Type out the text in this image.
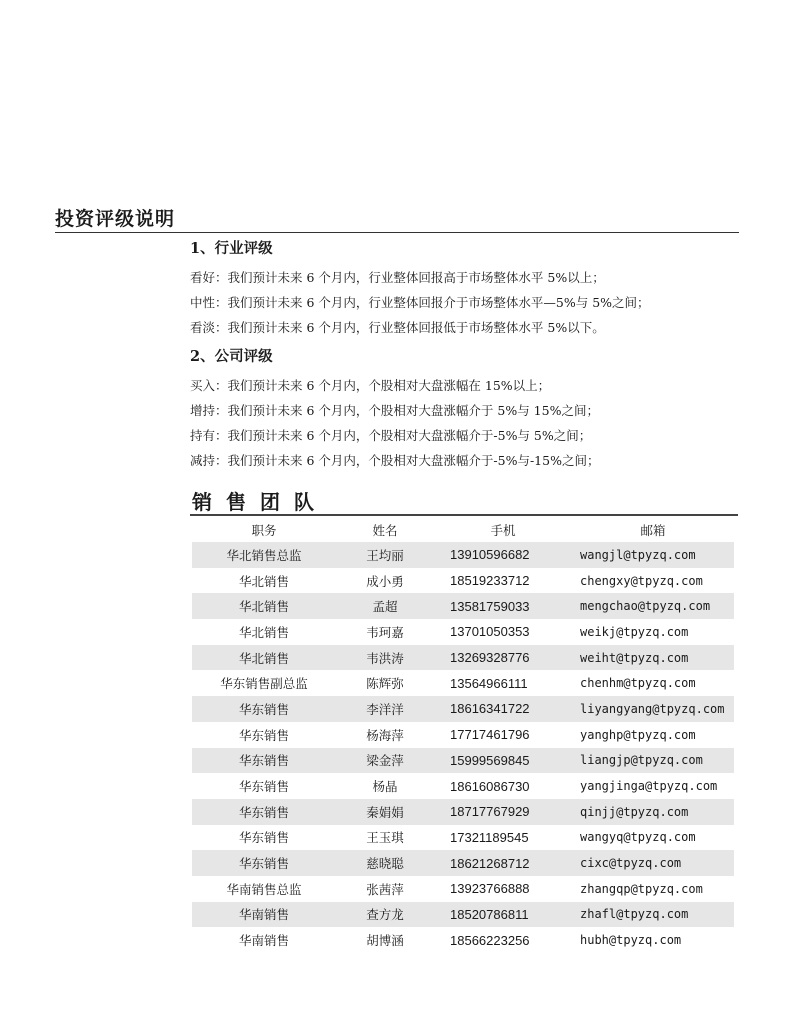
投资评级说明
1、行业评级
看好：我们预计未来 6 个月内，行业整体回报高于市场整体水平 5%以上；
中性：我们预计未来 6 个月内，行业整体回报介于市场整体水平—5%与 5%之间；
看淡：我们预计未来 6 个月内，行业整体回报低于市场整体水平 5%以下。
2、公司评级
买入：我们预计未来 6 个月内，个股相对大盘涨幅在 15%以上；
增持：我们预计未来 6 个月内，个股相对大盘涨幅介于 5%与 15%之间；
持有：我们预计未来 6 个月内，个股相对大盘涨幅介于-5%与 5%之间；
减持：我们预计未来 6 个月内，个股相对大盘涨幅介于-5%与-15%之间；
销售团队
职务	姓名	手机	邮箱
华北销售总监	王均丽	13910596682	wangjl@tpyzq.com
华北销售	成小勇	18519233712	chengxy@tpyzq.com
华北销售	孟超	13581759033	mengchao@tpyzq.com
华北销售	韦珂嘉	13701050353	weikj@tpyzq.com
华北销售	韦洪涛	13269328776	weiht@tpyzq.com
华东销售副总监	陈辉弥	13564966111	chenhm@tpyzq.com
华东销售	李洋洋	18616341722	liyangyang@tpyzq.com
华东销售	杨海萍	17717461796	yanghp@tpyzq.com
华东销售	梁金萍	15999569845	liangjp@tpyzq.com
华东销售	杨晶	18616086730	yangjinga@tpyzq.com
华东销售	秦娟娟	18717767929	qinjj@tpyzq.com
华东销售	王玉琪	17321189545	wangyq@tpyzq.com
华东销售	慈晓聪	18621268712	cixc@tpyzq.com
华南销售总监	张茜萍	13923766888	zhangqp@tpyzq.com
华南销售	查方龙	18520786811	zhafl@tpyzq.com
华南销售	胡博涵	18566223256	hubh@tpyzq.com
